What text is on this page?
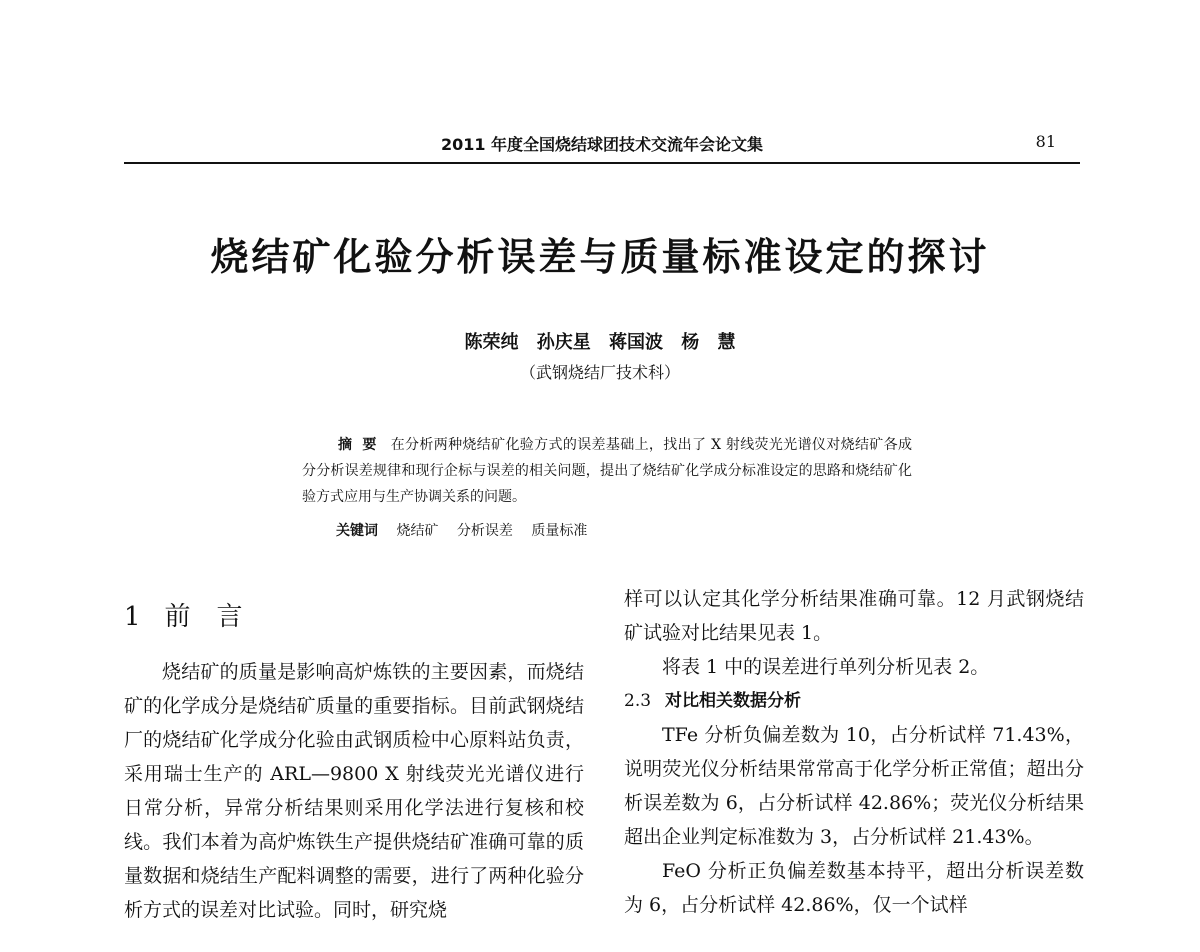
2011 年度全国烧结球团技术交流年会论文集	81
烧结矿化验分析误差与质量标准设定的探讨
陈荣纯 孙庆星 蒋国波 杨 慧
（武钢烧结厂技术科）
摘要 在分析两种烧结矿化验方式的误差基础上，找出了 X 射线荧光光谱仪对烧结矿各成分分析误差规律和现行企标与误差的相关问题，提出了烧结矿化学成分标准设定的思路和烧结矿化验方式应用与生产协调关系的问题。
关键词 烧结矿 分析误差 质量标准
1 前言

烧结矿的质量是影响高炉炼铁的主要因素，而烧结矿的化学成分是烧结矿质量的重要指标。目前武钢烧结厂的烧结矿化学成分化验由武钢质检中心原料站负责，采用瑞士生产的 ARL—9800 X 射线荧光光谱仪进行日常分析，异常分析结果则采用化学法进行复核和校线。我们本着为高炉炼铁生产提供烧结矿准确可靠的质量数据和烧结生产配料调整的需要，进行了两种化验分析方式的误差对比试验。同时，研究烧

样可以认定其化学分析结果准确可靠。12 月武钢烧结矿试验对比结果见表 1。

将表 1 中的误差进行单列分析见表 2。

2.3 对比相关数据分析

TFe 分析负偏差数为 10，占分析试样 71.43%，说明荧光仪分析结果常常高于化学分析正常值；超出分析误差数为 6，占分析试样 42.86%；荧光仪分析结果超出企业判定标准数为 3，占分析试样 21.43%。

FeO 分析正负偏差数基本持平，超出分析误差数为 6，占分析试样 42.86%，仅一个试样
